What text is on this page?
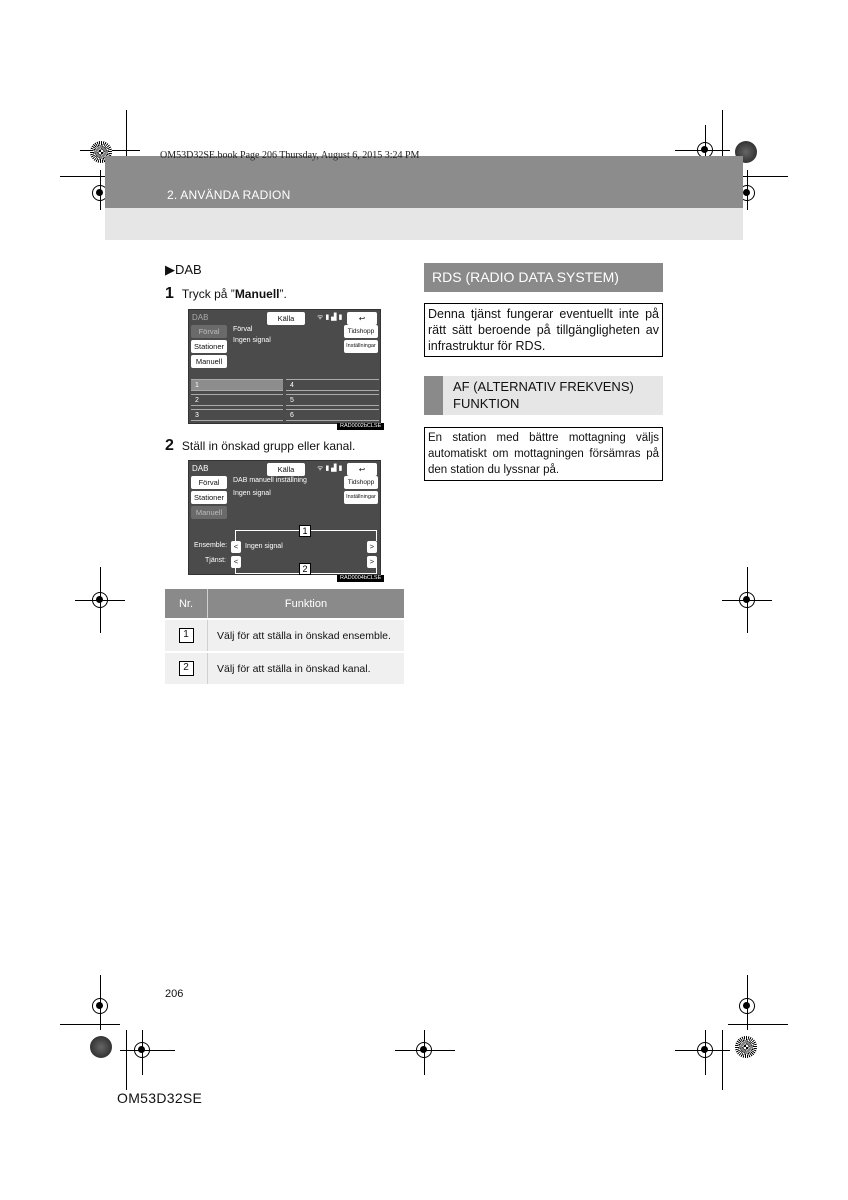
OM53D32SE.book Page 206 Thursday, August 6, 2015 3:24 PM
2. ANVÄNDA RADION
▶DAB
1 Tryck på ”Manuell”.
DAB	Källa	ᯤ ▮ ▟ ▮	↩
Förval
Stationer
Manuell
Förval
Ingen signal
Tidshopp
Inställningar
1
2
3
4
5
6
RAD0002bCLSE
2 Ställ in önskad grupp eller kanal.
DAB	Källa	ᯤ ▮ ▟ ▮	↩
Förval
Stationer
Manuell
DAB manuell inställning
Ingen signal
Tidshopp
Inställningar
Ensemble: < Ingen signal	>
Tjänst:	<	>
1
2
RAD0004bCLSE
Nr.	Funktion
1	Välj för att ställa in önskad ensemble.
2	Välj för att ställa in önskad kanal.
RDS (RADIO DATA SYSTEM)
Denna tjänst fungerar eventuellt inte på rätt sätt beroende på tillgängligheten av infrastruktur för RDS.
AF (ALTERNATIV FREKVENS)
FUNKTION
En station med bättre mottagning väljs automatiskt om mottagningen försämras på den station du lyssnar på.
206
OM53D32SE
